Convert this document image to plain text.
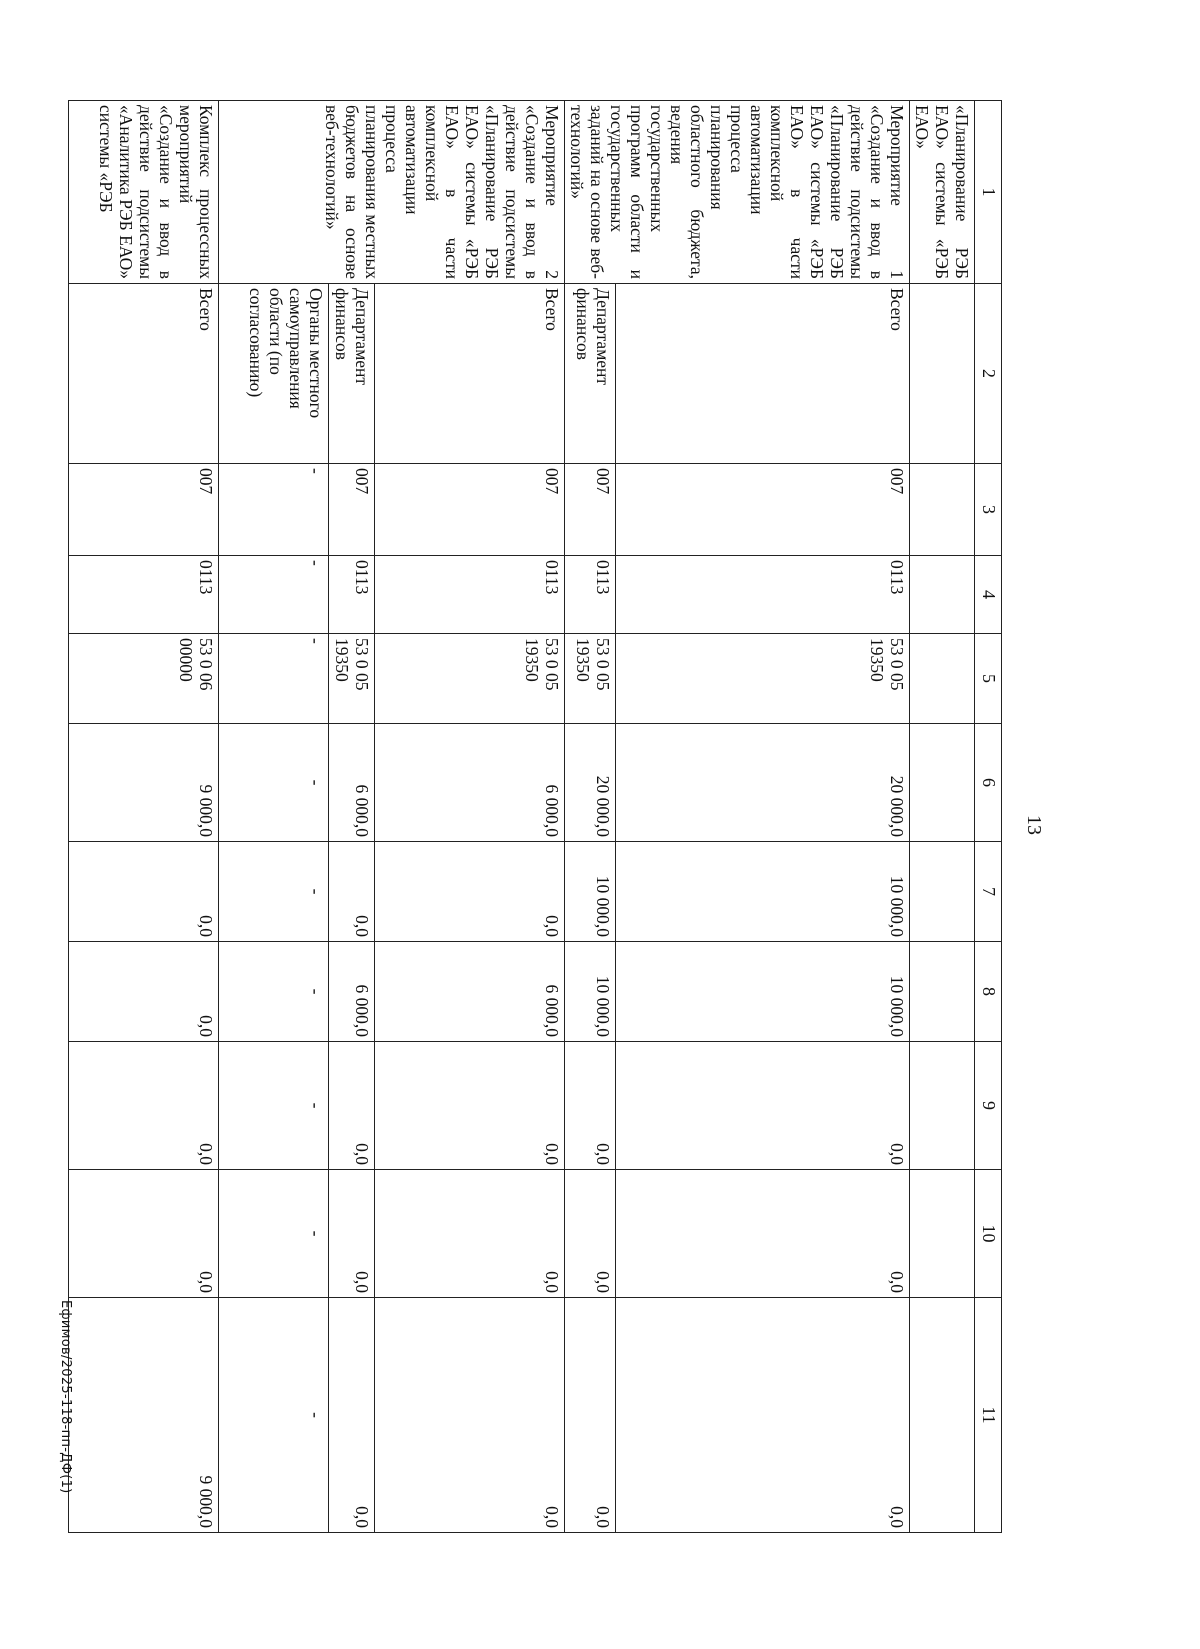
13
1	2	3	4	5	6	7	8	9	10	11
«Планирование РЭБ ЕАО» системы «РЭБ ЕАО»										
Мероприятие 1 «Создание и ввод в действие подсистемы «Планирование РЭБ ЕАО» системы «РЭБ ЕАО» в части комплексной автоматизации процесса планирования областного бюджета, ведения государственных программ области и государственных заданий на основе веб-технологий»	Всего	007	0113	53 0 05 19350	20 000,0	10 000,0	10 000,0	0,0	0,0	0,0
	Департамент финансов	007	0113	53 0 05 19350	20 000,0	10 000,0	10 000,0	0,0	0,0	0,0
Мероприятие 2 «Создание и ввод в действие подсистемы «Планирование РЭБ ЕАО» системы «РЭБ ЕАО» в части комплексной автоматизации процесса планирования местных бюджетов на основе веб-технологий»	Всего	007	0113	53 0 05 19350	6 000,0	0,0	6 000,0	0,0	0,0	0,0
	Департамент финансов	007	0113	53 0 05 19350	6 000,0	0,0	6 000,0	0,0	0,0	0,0
	Органы местного самоуправления области (по согласованию)	-	-	-	-	-	-	-	-	-
Комплекс процессных мероприятий «Создание и ввод в действие подсистемы «Аналитика РЭБ ЕАО» системы «РЭБ	Всего	007	0113	53 0 06 00000	9 000,0	0,0	0,0	0,0	0,0	9 000,0
Ефимов/2025-118-пп-ДФ(1)
